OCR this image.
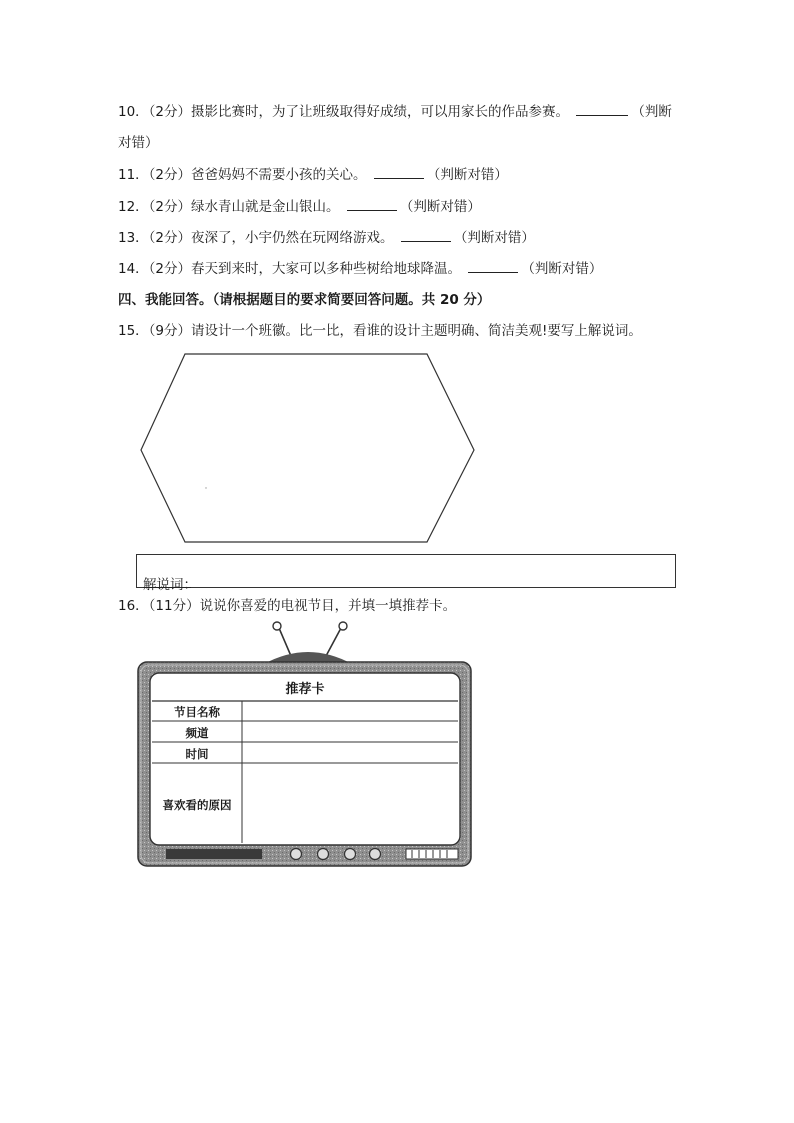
10．（2分）摄影比赛时，为了让班级取得好成绩，可以用家长的作品参赛。	（判断对错）
11．（2分）爸爸妈妈不需要小孩的关心。	（判断对错）
12．（2分）绿水青山就是金山银山。	（判断对错）
13．（2分）夜深了，小宇仍然在玩网络游戏。	（判断对错）
14．（2分）春天到来时，大家可以多种些树给地球降温。	（判断对错）
四、我能回答。（请根据题目的要求简要回答问题。共 20 分）
15．（9分）请设计一个班徽。比一比，看谁的设计主题明确、简洁美观!要写上解说词。
解说词：
16．（11分）说说你喜爱的电视节目，并填一填推荐卡。
推荐卡
节目名称
频道
时间
喜欢看的原因
